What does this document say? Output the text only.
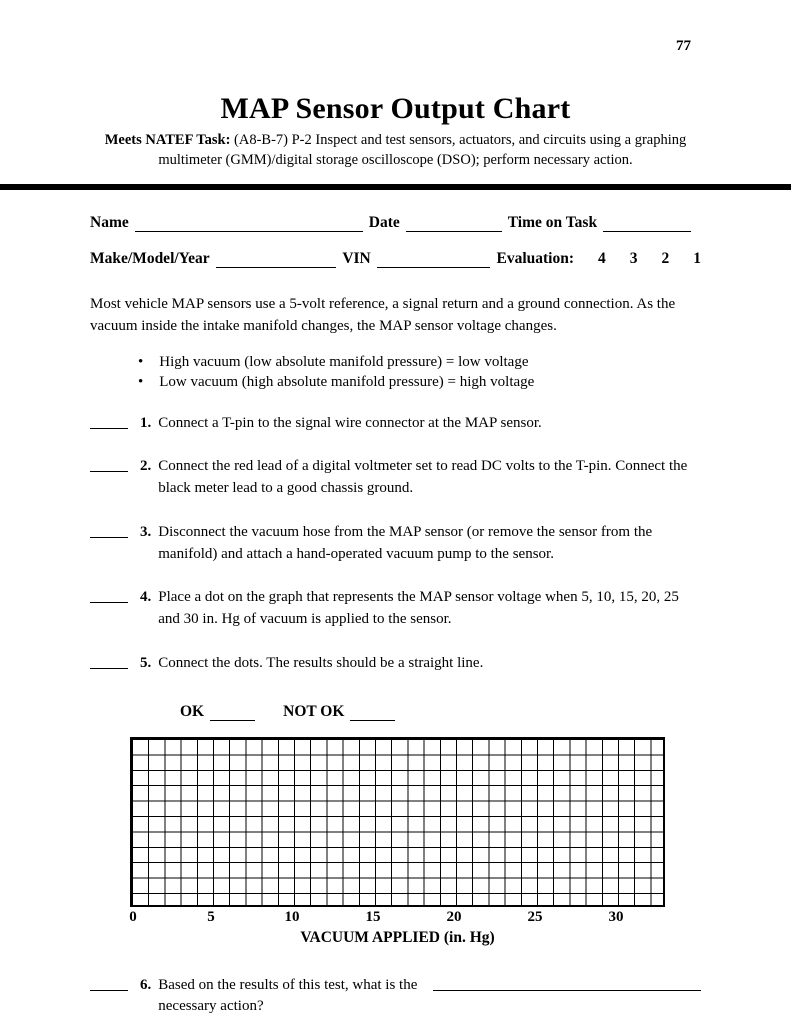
77
MAP Sensor Output Chart
Meets NATEF Task: (A8-B-7) P-2 Inspect and test sensors, actuators, and circuits using a graphing multimeter (GMM)/digital storage oscilloscope (DSO); perform necessary action.
Name	Date	Time on Task
Make/Model/Year	VIN	Evaluation: 4 3 2 1
Most vehicle MAP sensors use a 5-volt reference, a signal return and a ground connection. As the vacuum inside the intake manifold changes, the MAP sensor voltage changes.
•
High vacuum (low absolute manifold pressure) = low voltage
•
Low vacuum (high absolute manifold pressure) = high voltage
1. Connect a T-pin to the signal wire connector at the MAP sensor.
2. Connect the red lead of a digital voltmeter set to read DC volts to the T-pin. Connect the black meter lead to a good chassis ground.
3. Disconnect the vacuum hose from the MAP sensor (or remove the sensor from the manifold) and attach a hand-operated vacuum pump to the sensor.
4. Place a dot on the graph that represents the MAP sensor voltage when 5, 10, 15, 20, 25 and 30 in. Hg of vacuum is applied to the sensor.
5. Connect the dots. The results should be a straight line.
OK	NOT OK
0	5	10	15	20	25	30
VACUUM APPLIED (in. Hg)
6. Based on the results of this test, what is the necessary action?
